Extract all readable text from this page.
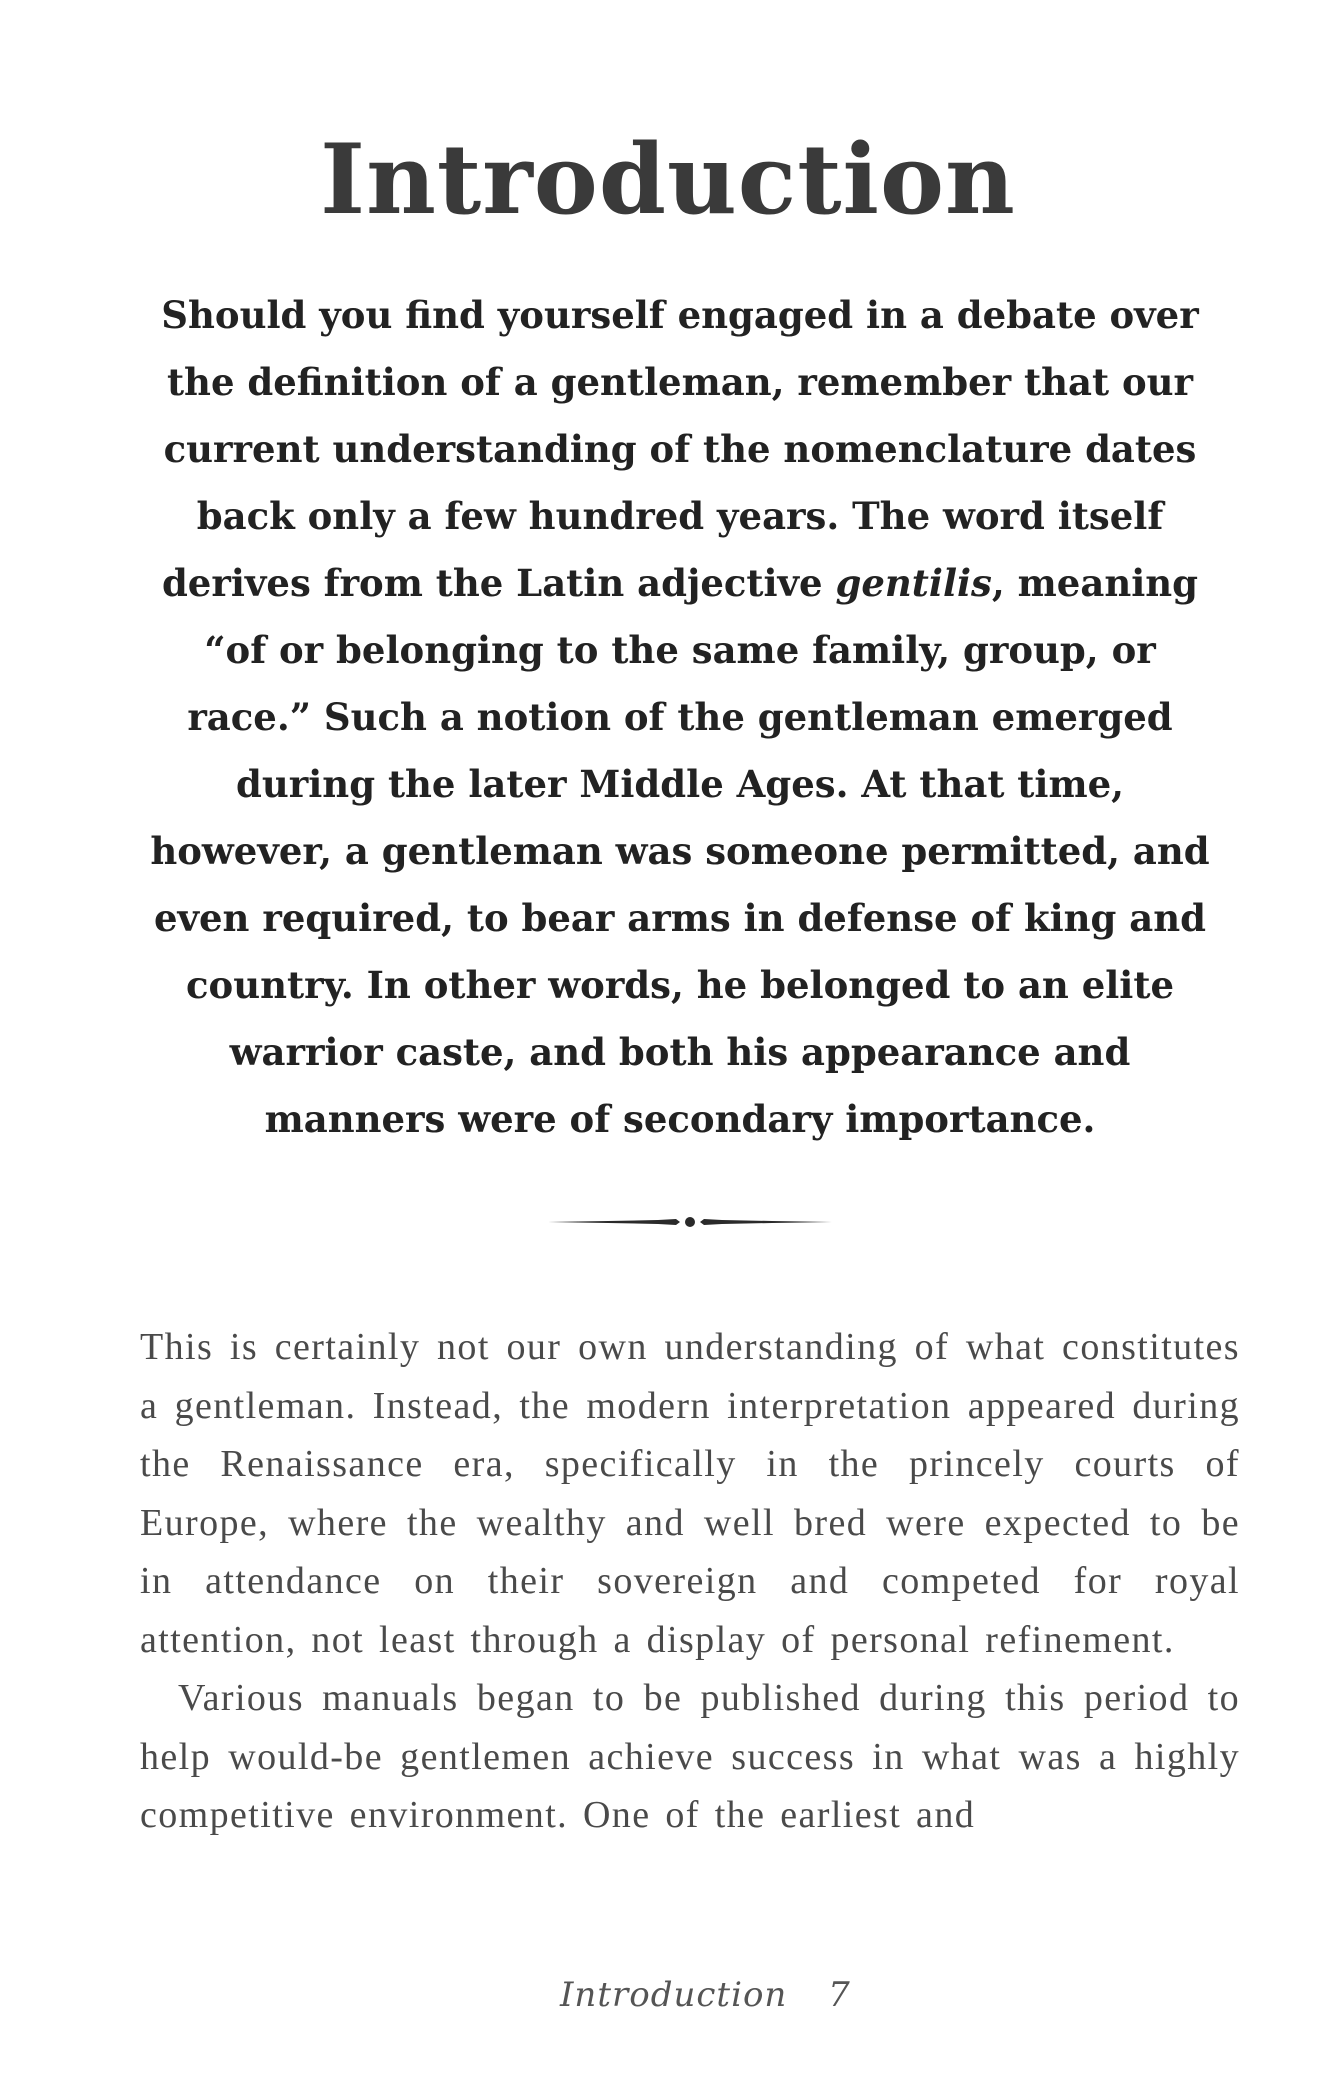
Introduction

Should you find yourself engaged in a debate over the definition of a gentleman, remember that our current understanding of the nomenclature dates back only a few hundred years. The word itself derives from the Latin adjective gentilis, meaning “of or belonging to the same family, group, or race.” Such a notion of the gentleman emerged during the later Middle Ages. At that time, however, a gentleman was someone permitted, and even required, to bear arms in defense of king and country. In other words, he belonged to an elite warrior caste, and both his appearance and manners were of secondary importance.

This is certainly not our own understanding of what constitutes a gentleman. Instead, the modern interpretation appeared during the Renaissance era, specifically in the princely courts of Europe, where the wealthy and well bred were expected to be in attendance on their sovereign and competed for royal attention, not least through a display of personal refinement.

Various manuals began to be published during this period to help would-be gentlemen achieve success in what was a highly competitive environment. One of the earliest and

Introduction 7
